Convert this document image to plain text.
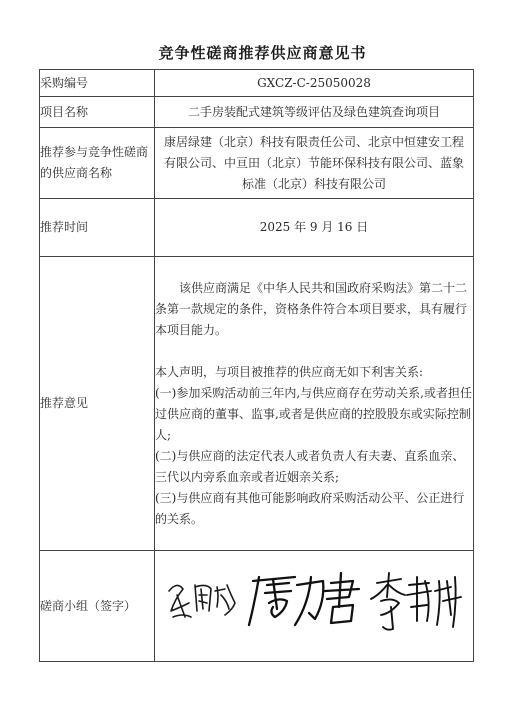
竞争性磋商推荐供应商意见书
采购编号	GXCZ-C-25050028
项目名称	二手房装配式建筑等级评估及绿色建筑查询项目
推荐参与竞争性磋商的供应商名称	康居绿建（北京）科技有限责任公司、北京中恒建安工程有限公司、中亘田（北京）节能环保科技有限公司、蓝象标准（北京）科技有限公司
推荐时间	2025 年 9 月 16 日
推荐意见	该供应商满足《中华人民共和国政府采购法》第二十二条第一款规定的条件，资格条件符合本项目要求，具有履行本项目能力。
本人声明，与项目被推荐的供应商无如下利害关系:
(一)参加采购活动前三年内,与供应商存在劳动关系,或者担任过供应商的董事、监事,或者是供应商的控股股东或实际控制人;
(二)与供应商的法定代表人或者负责人有夫妻、直系血亲、三代以内旁系血亲或者近姻亲关系;
(三)与供应商有其他可能影响政府采购活动公平、公正进行的关系。

磋商小组（签字）	
